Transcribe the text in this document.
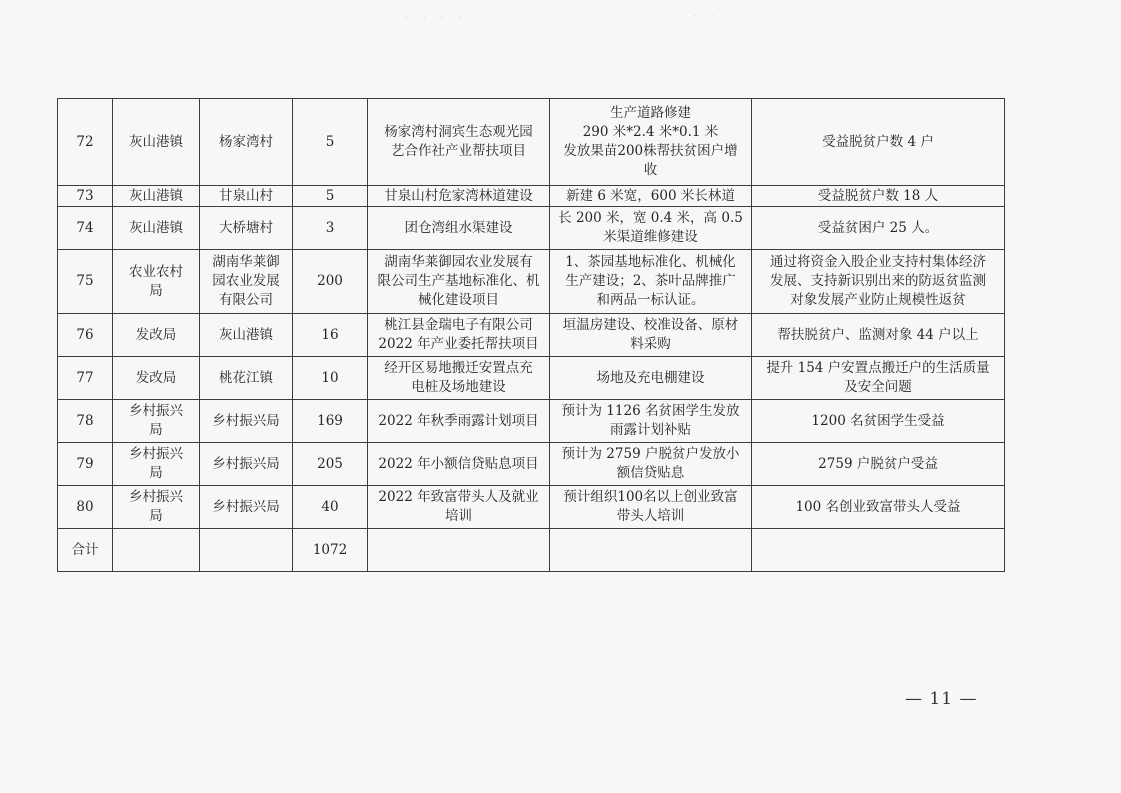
· · · ·	· · · ·
72	灰山港镇	杨家湾村	5	杨家湾村洞宾生态观光园
艺合作社产业帮扶项目	生产道路修建
290 米*2.4 米*0.1 米
发放果苗200株帮扶贫困户增
收	受益脱贫户数 4 户
73	灰山港镇	甘泉山村	5	甘泉山村危家湾林道建设	新建 6 米宽，600 米长林道	受益脱贫户数 18 人
74	灰山港镇	大桥塘村	3	团仓湾组水渠建设	长 200 米，宽 0.4 米，高 0.5
米渠道维修建设	受益贫困户 25 人。
75	农业农村
局	湖南华莱御
园农业发展
有限公司	200	湖南华莱御园农业发展有
限公司生产基地标准化、机
械化建设项目	1、茶园基地标准化、机械化
生产建设；2、茶叶品牌推广
和两品一标认证。	通过将资金入股企业支持村集体经济
发展、支持新识别出来的防返贫监测
对象发展产业防止规模性返贫
76	发改局	灰山港镇	16	桃江县金瑞电子有限公司
2022 年产业委托帮扶项目	垣温房建设、校准设备、原材
料采购	帮扶脱贫户、监测对象 44 户以上
77	发改局	桃花江镇	10	经开区易地搬迁安置点充
电桩及场地建设	场地及充电棚建设	提升 154 户安置点搬迁户的生活质量
及安全问题
78	乡村振兴
局	乡村振兴局	169	2022 年秋季雨露计划项目	预计为 1126 名贫困学生发放
雨露计划补贴	1200 名贫困学生受益
79	乡村振兴
局	乡村振兴局	205	2022 年小额信贷贴息项目	预计为 2759 户脱贫户发放小
额信贷贴息	2759 户脱贫户受益
80	乡村振兴
局	乡村振兴局	40	2022 年致富带头人及就业
培训	预计组织100名以上创业致富
带头人培训	100 名创业致富带头人受益
合计			1072			
— 11 —
